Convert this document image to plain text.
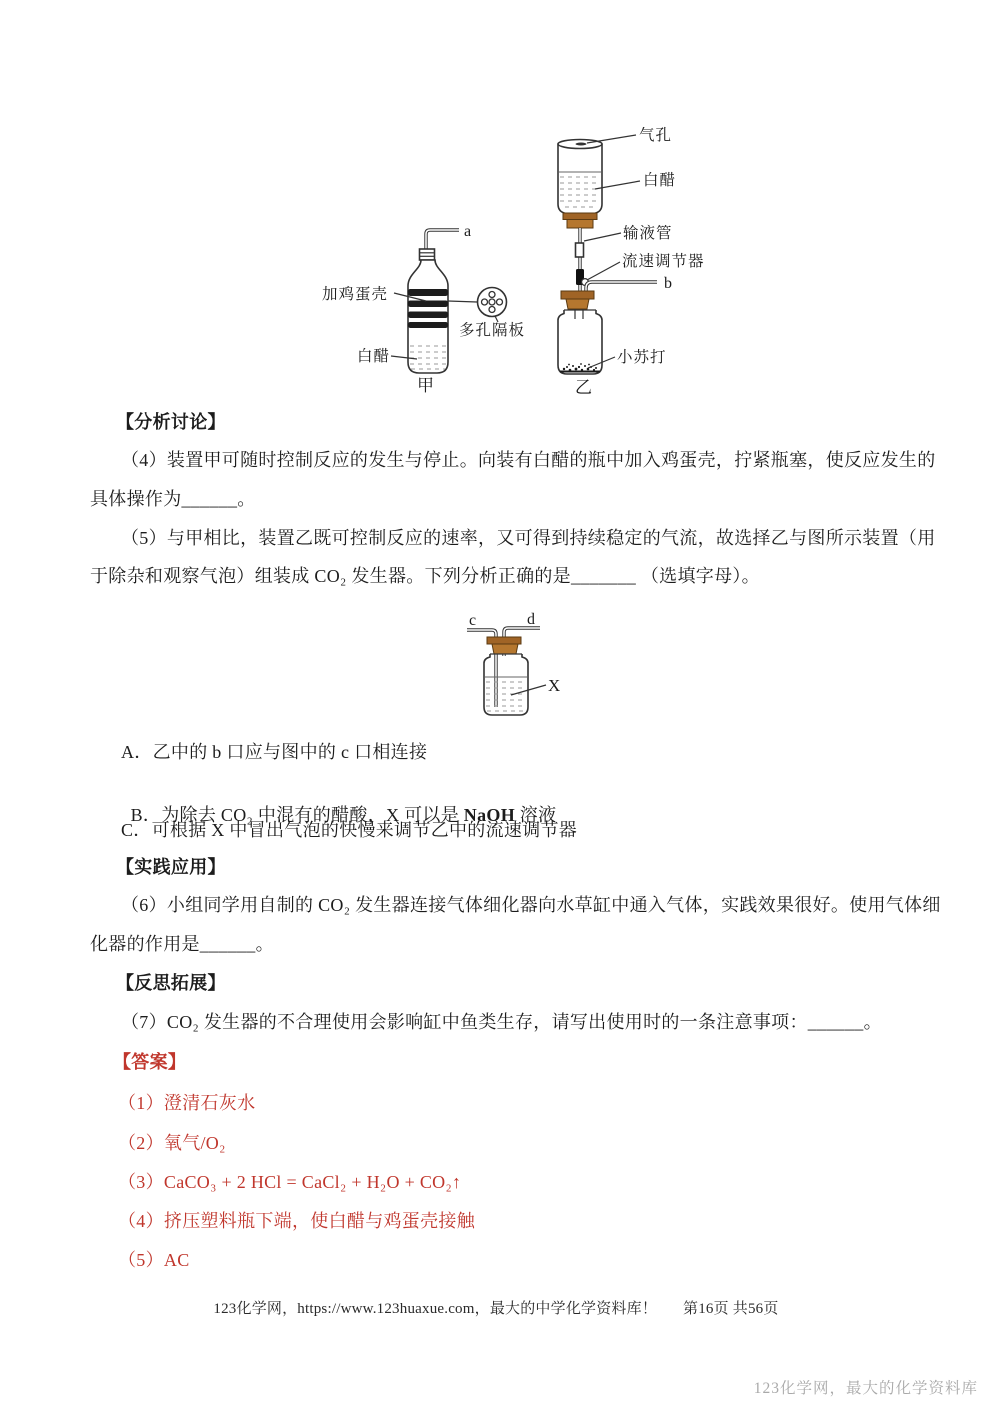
a
多孔隔板
加鸡蛋壳
白醋
甲
气孔
白醋
输液管
流速调节器
b
小苏打
乙
【分析讨论】
（4）装置甲可随时控制反应的发生与停止。向装有白醋的瓶中加入鸡蛋壳，拧紧瓶塞，使反应发生的
具体操作为______。
（5）与甲相比，装置乙既可控制反应的速率，又可得到持续稳定的气流，故选择乙与图所示装置（用
于除杂和观察气泡）组装成 CO₂ 发生器。下列分析正确的是_______ （选填字母）。
c	d
X
A．乙中的 b 口应与图中的 c 口相连接

B．为除去 CO₂ 中混有的醋酸，X 可以是 NaOH 溶液

C．可根据 X 中冒出气泡的快慢来调节乙中的流速调节器
【实践应用】
（6）小组同学用自制的 CO₂ 发生器连接气体细化器向水草缸中通入气体，实践效果很好。使用气体细
化器的作用是______。
【反思拓展】
（7）CO₂ 发生器的不合理使用会影响缸中鱼类生存，请写出使用时的一条注意事项：______。
【答案】
（1）澄清石灰水
（2）氧气/O₂
（3）CaCO₃ + 2 HCl = CaCl₂ + H₂O + CO₂↑
（4）挤压塑料瓶下端，使白醋与鸡蛋壳接触
（5）AC
123化学网，https://www.123huaxue.com，最大的中学化学资料库！ 第16页 共56页
123化学网，最大的化学资料库
